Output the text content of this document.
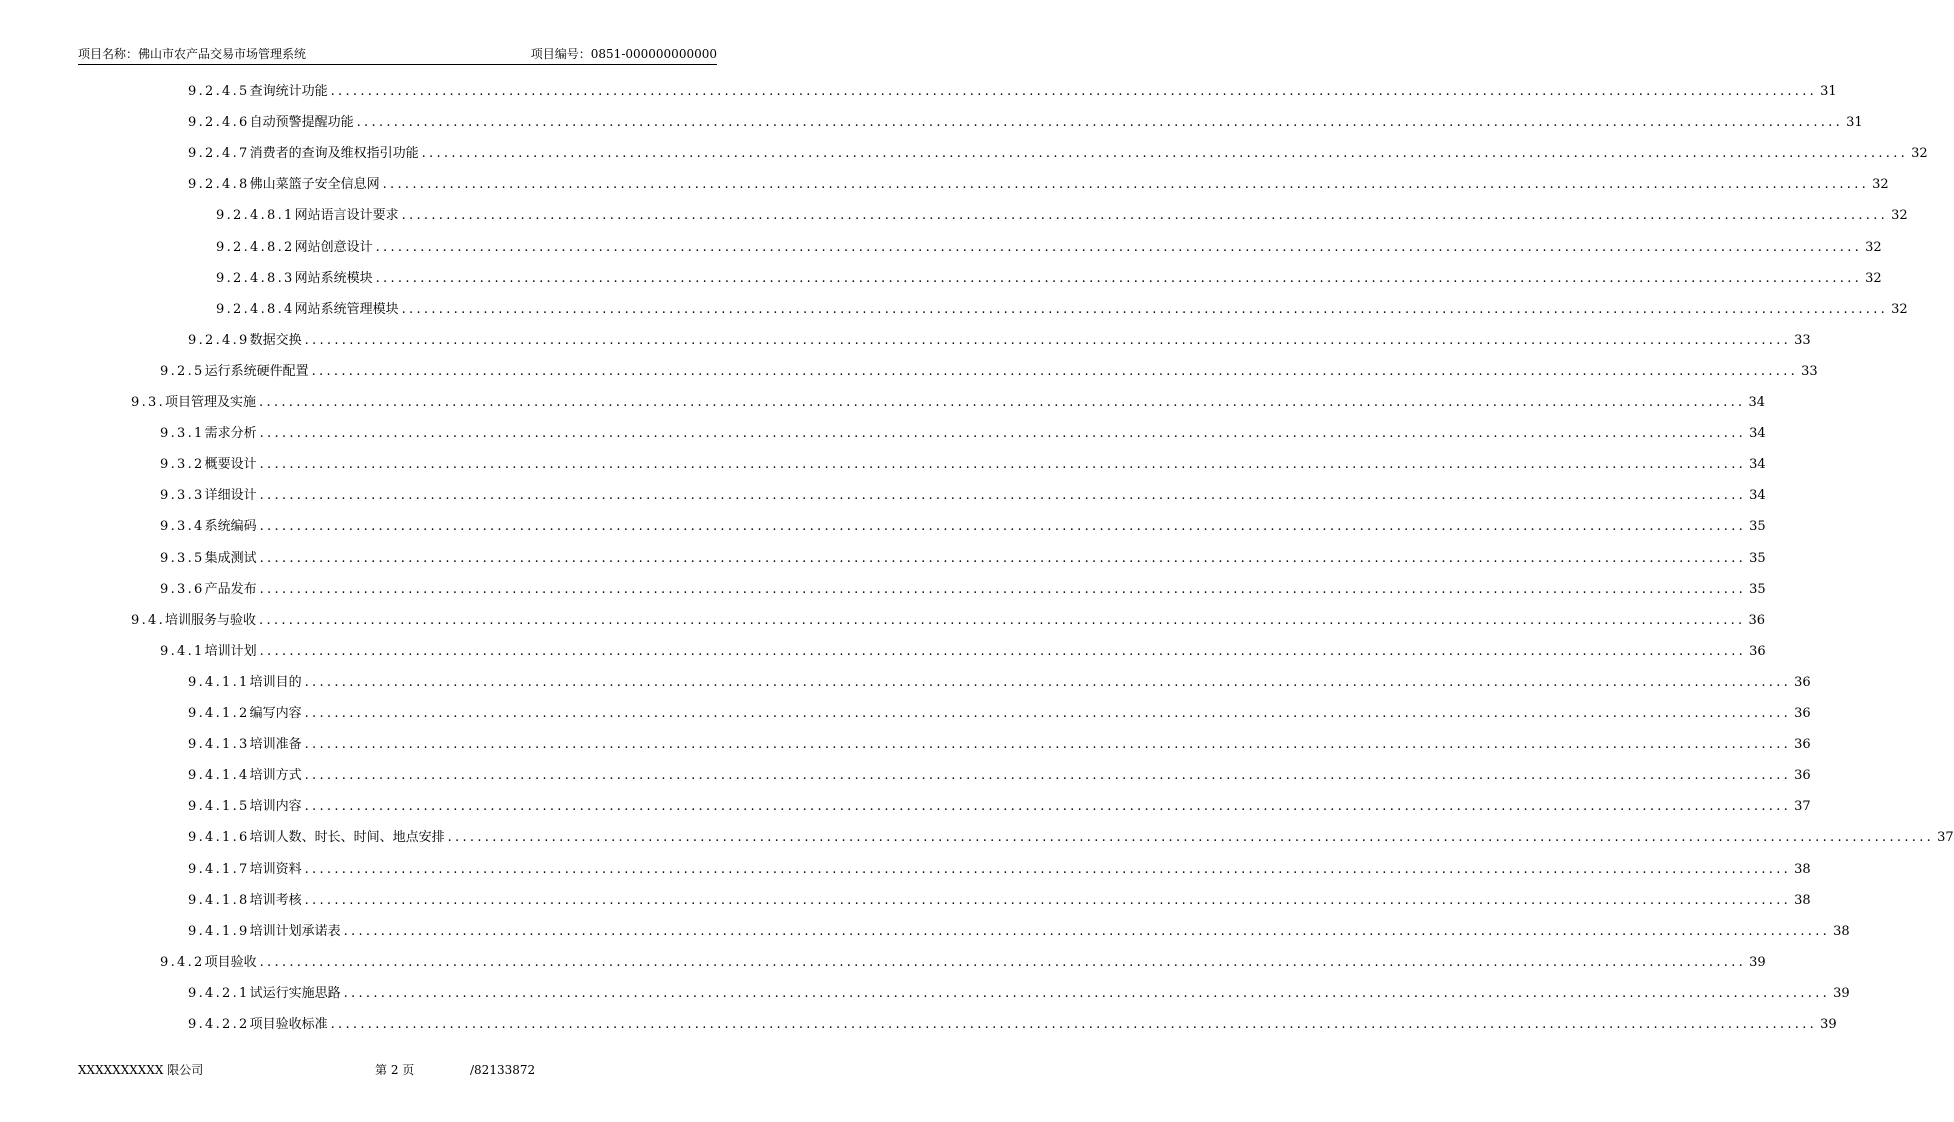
项目名称：佛山市农产品交易市场管理系统	项目编号：0851-000000000000
9.2.4.5 查询统计功能 ........................................................................................................................................................................................................ 31
9.2.4.6 自动预警提醒功能 ........................................................................................................................................................................................................ 31
9.2.4.7 消费者的查询及维权指引功能 ........................................................................................................................................................................................................ 32
9.2.4.8 佛山菜篮子安全信息网 ........................................................................................................................................................................................................ 32
9.2.4.8.1 网站语言设计要求 ........................................................................................................................................................................................................ 32
9.2.4.8.2 网站创意设计 ........................................................................................................................................................................................................ 32
9.2.4.8.3 网站系统模块 ........................................................................................................................................................................................................ 32
9.2.4.8.4 网站系统管理模块 ........................................................................................................................................................................................................ 32
9.2.4.9 数据交换 ........................................................................................................................................................................................................ 33
9.2.5 运行系统硬件配置 ........................................................................................................................................................................................................ 33
9.3. 项目管理及实施 ........................................................................................................................................................................................................ 34
9.3.1 需求分析 ........................................................................................................................................................................................................ 34
9.3.2 概要设计 ........................................................................................................................................................................................................ 34
9.3.3 详细设计 ........................................................................................................................................................................................................ 34
9.3.4 系统编码 ........................................................................................................................................................................................................ 35
9.3.5 集成测试 ........................................................................................................................................................................................................ 35
9.3.6 产品发布 ........................................................................................................................................................................................................ 35
9.4. 培训服务与验收 ........................................................................................................................................................................................................ 36
9.4.1 培训计划 ........................................................................................................................................................................................................ 36
9.4.1.1 培训目的 ........................................................................................................................................................................................................ 36
9.4.1.2 编写内容 ........................................................................................................................................................................................................ 36
9.4.1.3 培训准备 ........................................................................................................................................................................................................ 36
9.4.1.4 培训方式 ........................................................................................................................................................................................................ 36
9.4.1.5 培训内容 ........................................................................................................................................................................................................ 37
9.4.1.6 培训人数、时长、时间、地点安排 ........................................................................................................................................................................................................ 37
9.4.1.7 培训资料 ........................................................................................................................................................................................................ 38
9.4.1.8 培训考核 ........................................................................................................................................................................................................ 38
9.4.1.9 培训计划承诺表 ........................................................................................................................................................................................................ 38
9.4.2 项目验收 ........................................................................................................................................................................................................ 39
9.4.2.1 试运行实施思路 ........................................................................................................................................................................................................ 39
9.4.2.2 项目验收标准 ........................................................................................................................................................................................................ 39
XXXXXXXXXX 限公司	第 2 页	/82133872
